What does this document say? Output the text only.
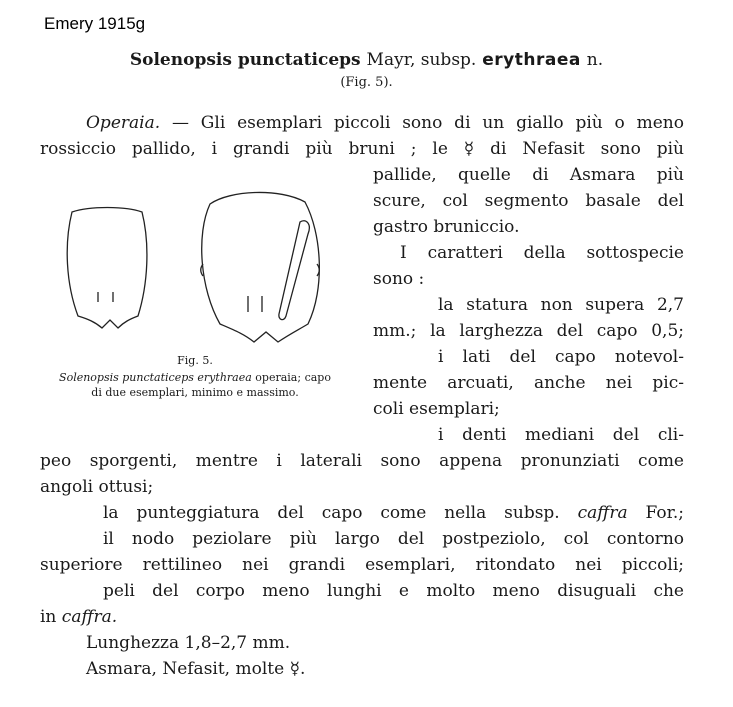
Emery 1915g
Solenopsis punctaticeps Mayr, subsp. erythraea n.
(Fig. 5).
Operaia. — Gli esemplari piccoli sono di un giallo più o meno
rossiccio pallido, i grandi più bruni ; le ☿ di Nefasit sono più
pallide, quelle di Asmara più
scure, col segmento basale del
gastro bruniccio.
I caratteri della sottospecie
sono :
la statura non supera 2,7
mm.; la larghezza del capo 0,5;
i lati del capo notevol-
mente arcuati, anche nei pic-
coli esemplari;
i denti mediani del cli-
peo sporgenti, mentre i laterali sono appena pronunziati come
angoli ottusi;
la punteggiatura del capo come nella subsp. caffra For.;
il nodo peziolare più largo del postpeziolo, col contorno
superiore rettilineo nei grandi esemplari, ritondato nei piccoli;
peli del corpo meno lunghi e molto meno disuguali che
in caffra.
Lunghezza 1,8–2,7 mm.
Asmara, Nefasit, molte ☿.
Fig. 5.
Solenopsis punctaticeps erythraea operaia; capo
di due esemplari, minimo e massimo.
